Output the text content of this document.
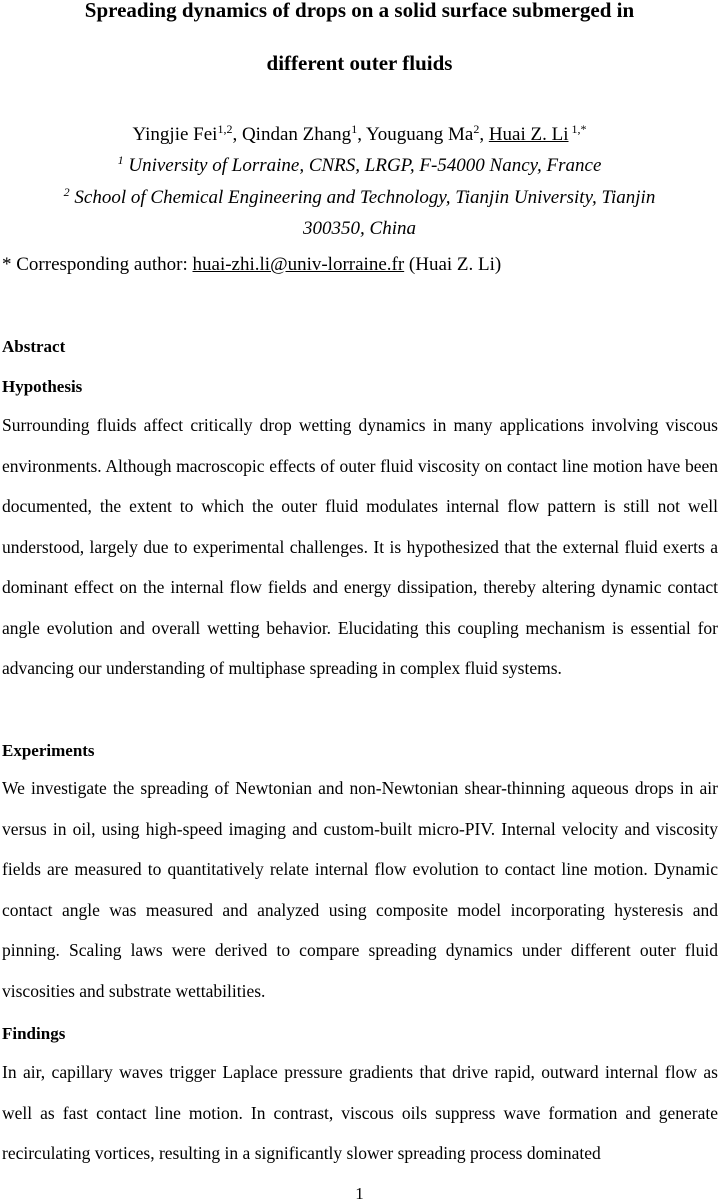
Spreading dynamics of drops on a solid surface submerged in
different outer fluids
Yingjie Fei$^{1,2}$, Qindan Zhang$^1$, Youguang Ma$^2$, Huai Z. Li $^{1,*}$
$^1$ University of Lorraine, CNRS, LRGP, F-54000 Nancy, France
$^2$ School of Chemical Engineering and Technology, Tianjin University, Tianjin
300350, China
* Corresponding author: huai-zhi.li@univ-lorraine.fr (Huai Z. Li)
Abstract
Hypothesis
Surrounding fluids affect critically drop wetting dynamics in many applications involving viscous environments. Although macroscopic effects of outer fluid viscosity on contact line motion have been documented, the extent to which the outer fluid modulates internal flow pattern is still not well understood, largely due to experimental challenges. It is hypothesized that the external fluid exerts a dominant effect on the internal flow fields and energy dissipation, thereby altering dynamic contact angle evolution and overall wetting behavior. Elucidating this coupling mechanism is essential for advancing our understanding of multiphase spreading in complex fluid systems.
Experiments
We investigate the spreading of Newtonian and non-Newtonian shear-thinning aqueous drops in air versus in oil, using high-speed imaging and custom-built micro-PIV. Internal velocity and viscosity fields are measured to quantitatively relate internal flow evolution to contact line motion. Dynamic contact angle was measured and analyzed using composite model incorporating hysteresis and pinning. Scaling laws were derived to compare spreading dynamics under different outer fluid viscosities and substrate wettabilities.
Findings
In air, capillary waves trigger Laplace pressure gradients that drive rapid, outward internal flow as well as fast contact line motion. In contrast, viscous oils suppress wave formation and generate recirculating vortices, resulting in a significantly slower spreading process dominated
1
